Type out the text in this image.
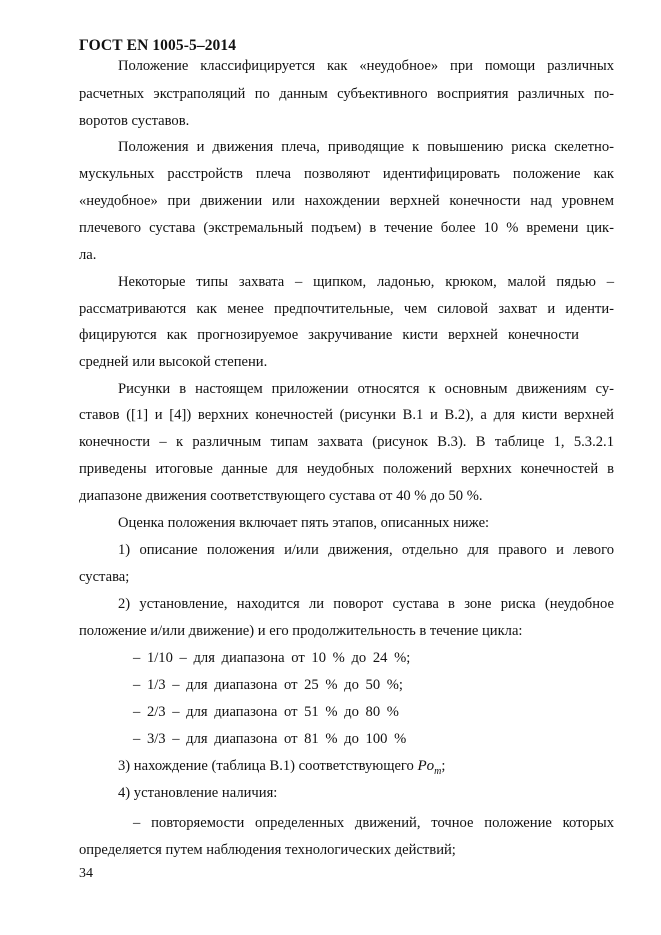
ГОСТ EN 1005-5–2014
Положение классифицируется как «неудобное» при помощи различных
расчетных экстраполяций по данным субъективного восприятия различных по-
воротов суставов.
Положения и движения плеча, приводящие к повышению риска скелетно-
мускульных расстройств плеча позволяют идентифицировать положение как
«неудобное» при движении или нахождении верхней конечности над уровнем
плечевого сустава (экстремальный подъем) в течение более 10 % времени цик-
ла.
Некоторые типы захвата – щипком, ладонью, крюком, малой пядью –
рассматриваются как менее предпочтительные, чем силовой захват и иденти-
фицируются как прогнозируемое закручивание кисти верхней конечности
средней или высокой степени.
Рисунки в настоящем приложении относятся к основным движениям су-
ставов ([1] и [4]) верхних конечностей (рисунки В.1 и В.2), а для кисти верхней
конечности – к различным типам захвата (рисунок В.3). В таблице 1, 5.3.2.1
приведены итоговые данные для неудобных положений верхних конечностей в
диапазоне движения соответствующего сустава от 40 % до 50 %.
Оценка положения включает пять этапов, описанных ниже:
1) описание положения и/или движения, отдельно для правого и левого
сустава;
2) установление, находится ли поворот сустава в зоне риска (неудобное
положение и/или движение) и его продолжительность в течение цикла:
– 1/10 – для диапазона от 10 % до 24 %;
– 1/3 – для диапазона от 25 % до 50 %;
– 2/3 – для диапазона от 51 % до 80 %
– 3/3 – для диапазона от 81 % до 100 %
3) нахождение (таблица В.1) соответствующего $Po_m$;
4) установление наличия:
– повторяемости определенных движений, точное положение которых
определяется путем наблюдения технологических действий;
34
